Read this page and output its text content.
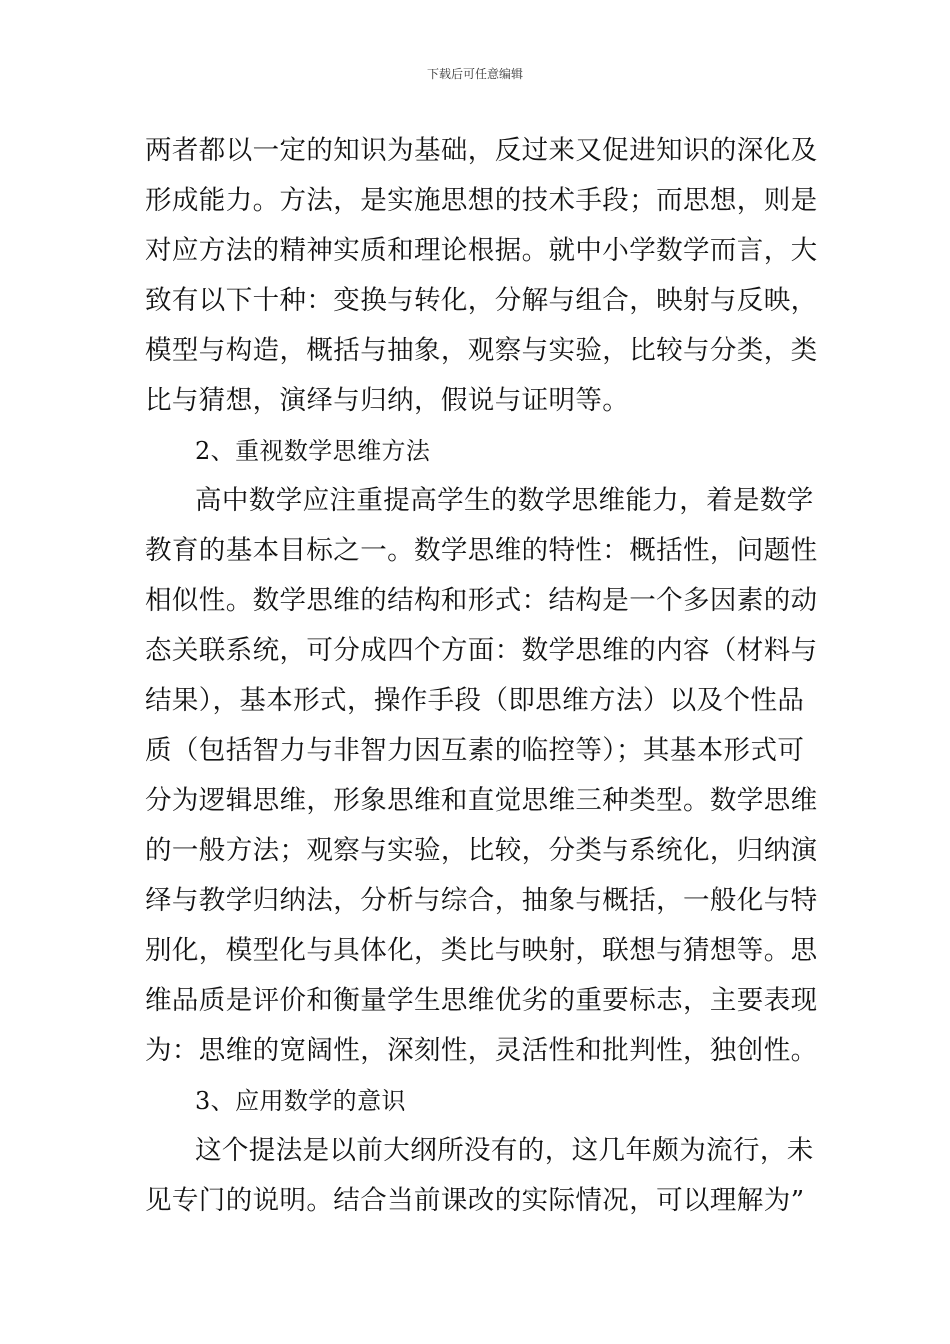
下载后可任意编辑
两者都以一定的知识为基础，反过来又促进知识的深化及
形成能力。方法，是实施思想的技术手段；而思想，则是
对应方法的精神实质和理论根据。就中小学数学而言，大
致有以下十种：变换与转化，分解与组合，映射与反映，
模型与构造，概括与抽象，观察与实验，比较与分类，类
比与猜想，演绎与归纳，假说与证明等。
2、重视数学思维方法
高中数学应注重提高学生的数学思维能力，着是数学
教育的基本目标之一。数学思维的特性：概括性，问题性
相似性。数学思维的结构和形式：结构是一个多因素的动
态关联系统，可分成四个方面：数学思维的内容（材料与
结果），基本形式，操作手段（即思维方法）以及个性品
质（包括智力与非智力因互素的临控等）；其基本形式可
分为逻辑思维，形象思维和直觉思维三种类型。数学思维
的一般方法；观察与实验，比较，分类与系统化，归纳演
绎与教学归纳法，分析与综合，抽象与概括，一般化与特
别化，模型化与具体化，类比与映射，联想与猜想等。思
维品质是评价和衡量学生思维优劣的重要标志，主要表现
为：思维的宽阔性，深刻性，灵活性和批判性，独创性。
3、应用数学的意识
这个提法是以前大纲所没有的，这几年颇为流行，未
见专门的说明。结合当前课改的实际情况，可以理解为”
